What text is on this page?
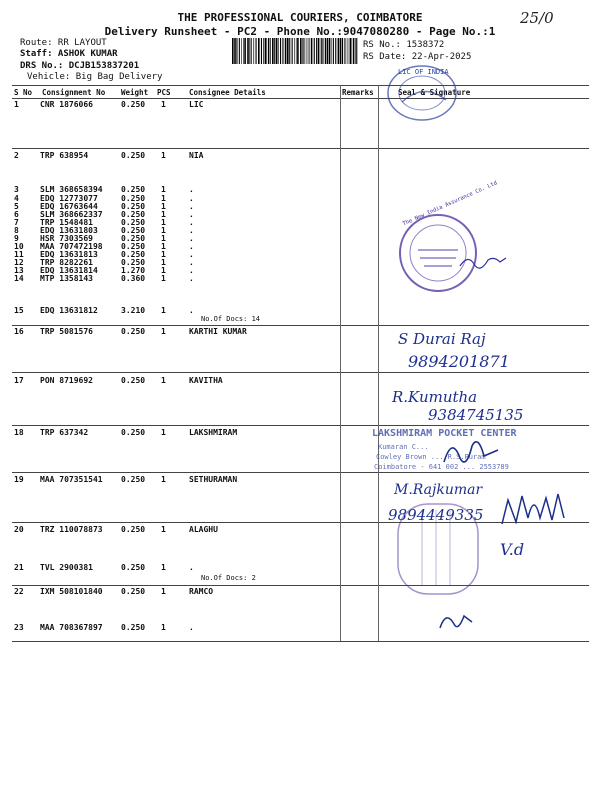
THE PROFESSIONAL COURIERS, COIMBATORE
Delivery Runsheet - PC2 - Phone No.:9047080280 - Page No.:1
25/0
Route: RR LAYOUT
Staff: ASHOK KUMAR
DRS No.: DCJB153837201
Vehicle: Big Bag Delivery
RS No.: 1538372
RS Date: 22-Apr-2025
S No Consignment No Weight PCS Consignee Details	Remarks	Seal & Signature
1	CNR 1876066	0.250 1	LIC
2	TRP 638954	0.250 1	NIA
3	SLM 368658394 0.250 1	.
4	EDQ 12773077	0.250 1	.
5	EDQ 16763644	0.250 1	.
6	SLM 368662337 0.250 1	.
7	TRP 1548481	0.250 1	.
8	EDQ 13631803	0.250 1	.
9	HSR 7303569	0.250 1	.
10 MAA 707472198 0.250 1	.
11 EDQ 13631813	0.250 1	.
12 TRP 8282261	0.250 1	.
13 EDQ 13631814	1.270 1	.
14 MTP 1358143	0.360 1	.
15 EDQ 13631812	3.210 1	.
16 TRP 5081576	0.250 1	KARTHI KUMAR
17 PON 8719692	0.250 1	KAVITHA
18 TRP 637342	0.250 1	LAKSHMIRAM
19 MAA 707351541 0.250 1	SETHURAMAN
20 TRZ 110078873 0.250 1	ALAGHU
21 TVL 2900381	0.250 1	.
22 IXM 508101840 0.250 1	RAMCO
23 MAA 708367897 0.250 1	.
No.Of Docs: 14
No.Of Docs: 2
LIC OF INDIA
The New India Assurance Co. Ltd
LAKSHMIRAM POCKET CENTER
Kumaran C...
Cowley Brown ... R.S.Puram
Coimbatore - 641 002 ... 2553789
S Durai Raj
9894201871
R.Kumutha
9384745135
M.Rajkumar
9894449335
V.d
